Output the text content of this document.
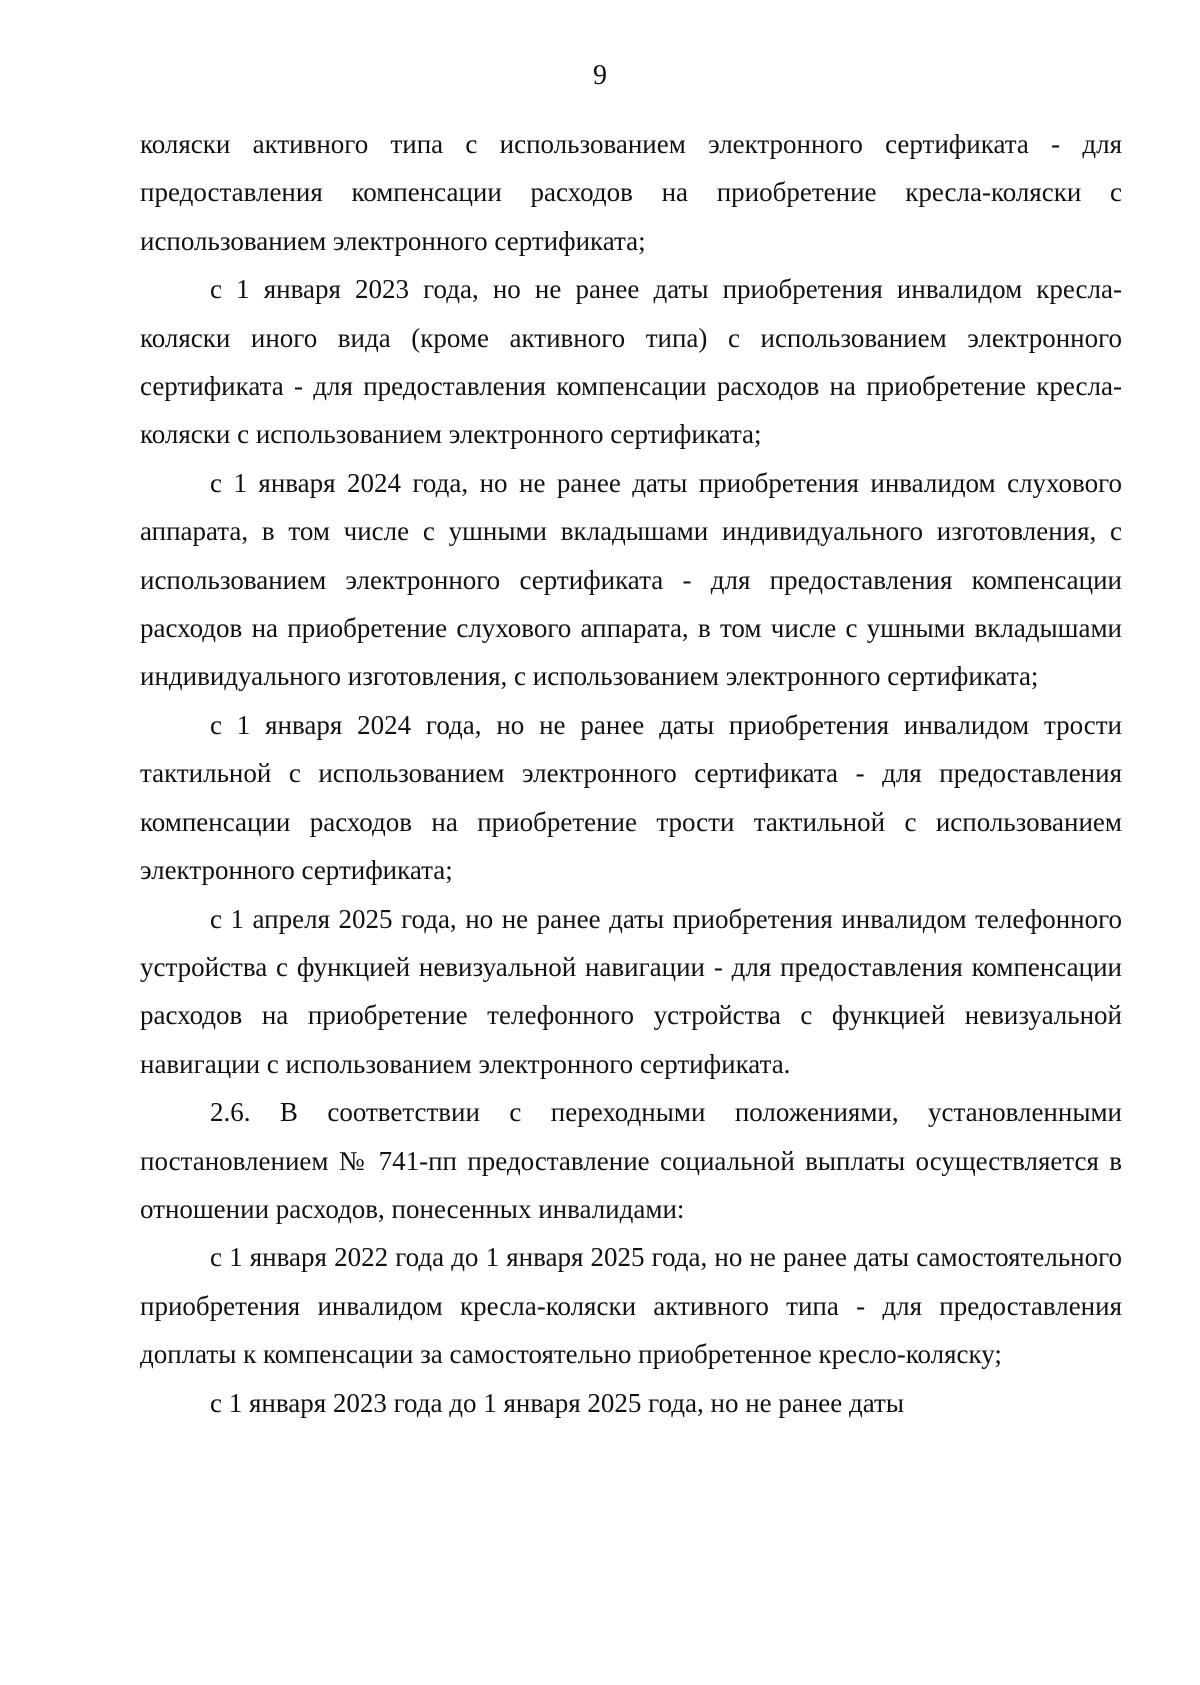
9

коляски активного типа с использованием электронного сертификата - для предоставления компенсации расходов на приобретение кресла-коляски с использованием электронного сертификата;

с 1 января 2023 года, но не ранее даты приобретения инвалидом кресла-коляски иного вида (кроме активного типа) с использованием электронного сертификата - для предоставления компенсации расходов на приобретение кресла-коляски с использованием электронного сертификата;

с 1 января 2024 года, но не ранее даты приобретения инвалидом слухового аппарата, в том числе с ушными вкладышами индивидуального изготовления, с использованием электронного сертификата - для предоставления компенсации расходов на приобретение слухового аппарата, в том числе с ушными вкладышами индивидуального изготовления, с использованием электронного сертификата;

с 1 января 2024 года, но не ранее даты приобретения инвалидом трости тактильной с использованием электронного сертификата - для предоставления компенсации расходов на приобретение трости тактильной с использованием электронного сертификата;

с 1 апреля 2025 года, но не ранее даты приобретения инвалидом телефонного устройства с функцией невизуальной навигации - для предоставления компенсации расходов на приобретение телефонного устройства с функцией невизуальной навигации с использованием электронного сертификата.

2.6. В соответствии с переходными положениями, установленными постановлением № 741-пп предоставление социальной выплаты осуществляется в отношении расходов, понесенных инвалидами:

с 1 января 2022 года до 1 января 2025 года, но не ранее даты самостоятельного приобретения инвалидом кресла-коляски активного типа - для предоставления доплаты к компенсации за самостоятельно приобретенное кресло-коляску;

с 1 января 2023 года до 1 января 2025 года, но не ранее даты
